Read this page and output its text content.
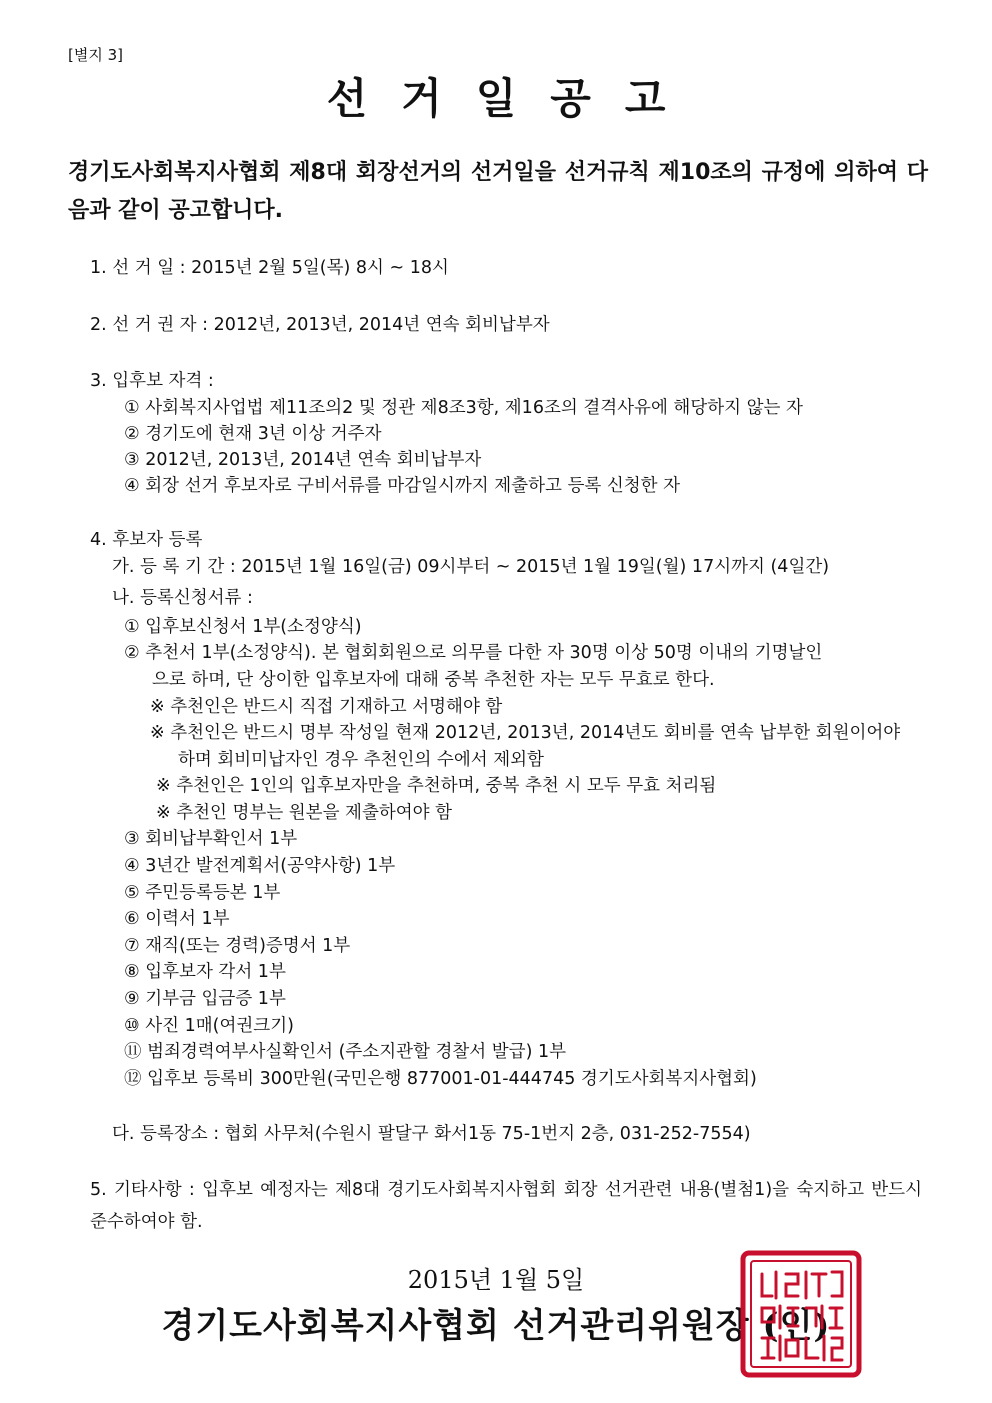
[별지 3]
선거일공고
경기도사회복지사협회 제8대 회장선거의 선거일을 선거규칙 제10조의 규정에 의하여 다음과 같이 공고합니다.
1. 선 거 일 : 2015년 2월 5일(목) 8시 ~ 18시
2. 선 거 권 자 : 2012년, 2013년, 2014년 연속 회비납부자
3. 입후보 자격 :
① 사회복지사업법 제11조의2 및 정관 제8조3항, 제16조의 결격사유에 해당하지 않는 자
② 경기도에 현재 3년 이상 거주자
③ 2012년, 2013년, 2014년 연속 회비납부자
④ 회장 선거 후보자로 구비서류를 마감일시까지 제출하고 등록 신청한 자
4. 후보자 등록
가. 등 록 기 간 : 2015년 1월 16일(금) 09시부터 ~ 2015년 1월 19일(월) 17시까지 (4일간)
나. 등록신청서류 :
① 입후보신청서 1부(소정양식)
② 추천서 1부(소정양식). 본 협회회원으로 의무를 다한 자 30명 이상 50명 이내의 기명날인
으로 하며, 단 상이한 입후보자에 대해 중복 추천한 자는 모두 무효로 한다.
※ 추천인은 반드시 직접 기재하고 서명해야 함
※ 추천인은 반드시 명부 작성일 현재 2012년, 2013년, 2014년도 회비를 연속 납부한 회원이어야
하며 회비미납자인 경우 추천인의 수에서 제외함
※ 추천인은 1인의 입후보자만을 추천하며, 중복 추천 시 모두 무효 처리됨
※ 추천인 명부는 원본을 제출하여야 함
③ 회비납부확인서 1부
④ 3년간 발전계획서(공약사항) 1부
⑤ 주민등록등본 1부
⑥ 이력서 1부
⑦ 재직(또는 경력)증명서 1부
⑧ 입후보자 각서 1부
⑨ 기부금 입금증 1부
⑩ 사진 1매(여권크기)
⑪ 범죄경력여부사실확인서 (주소지관할 경찰서 발급) 1부
⑫ 입후보 등록비 300만원(국민은행 877001-01-444745 경기도사회복지사협회)
다. 등록장소 : 협회 사무처(수원시 팔달구 화서1동 75-1번지 2층, 031-252-7554)
5. 기타사항 : 입후보 예정자는 제8대 경기도사회복지사협회 회장 선거관련 내용(별첨1)을 숙지하고 반드시 준수하여야 함.
2015년 1월 5일
경기도사회복지사협회 선거관리위원장 (인)
